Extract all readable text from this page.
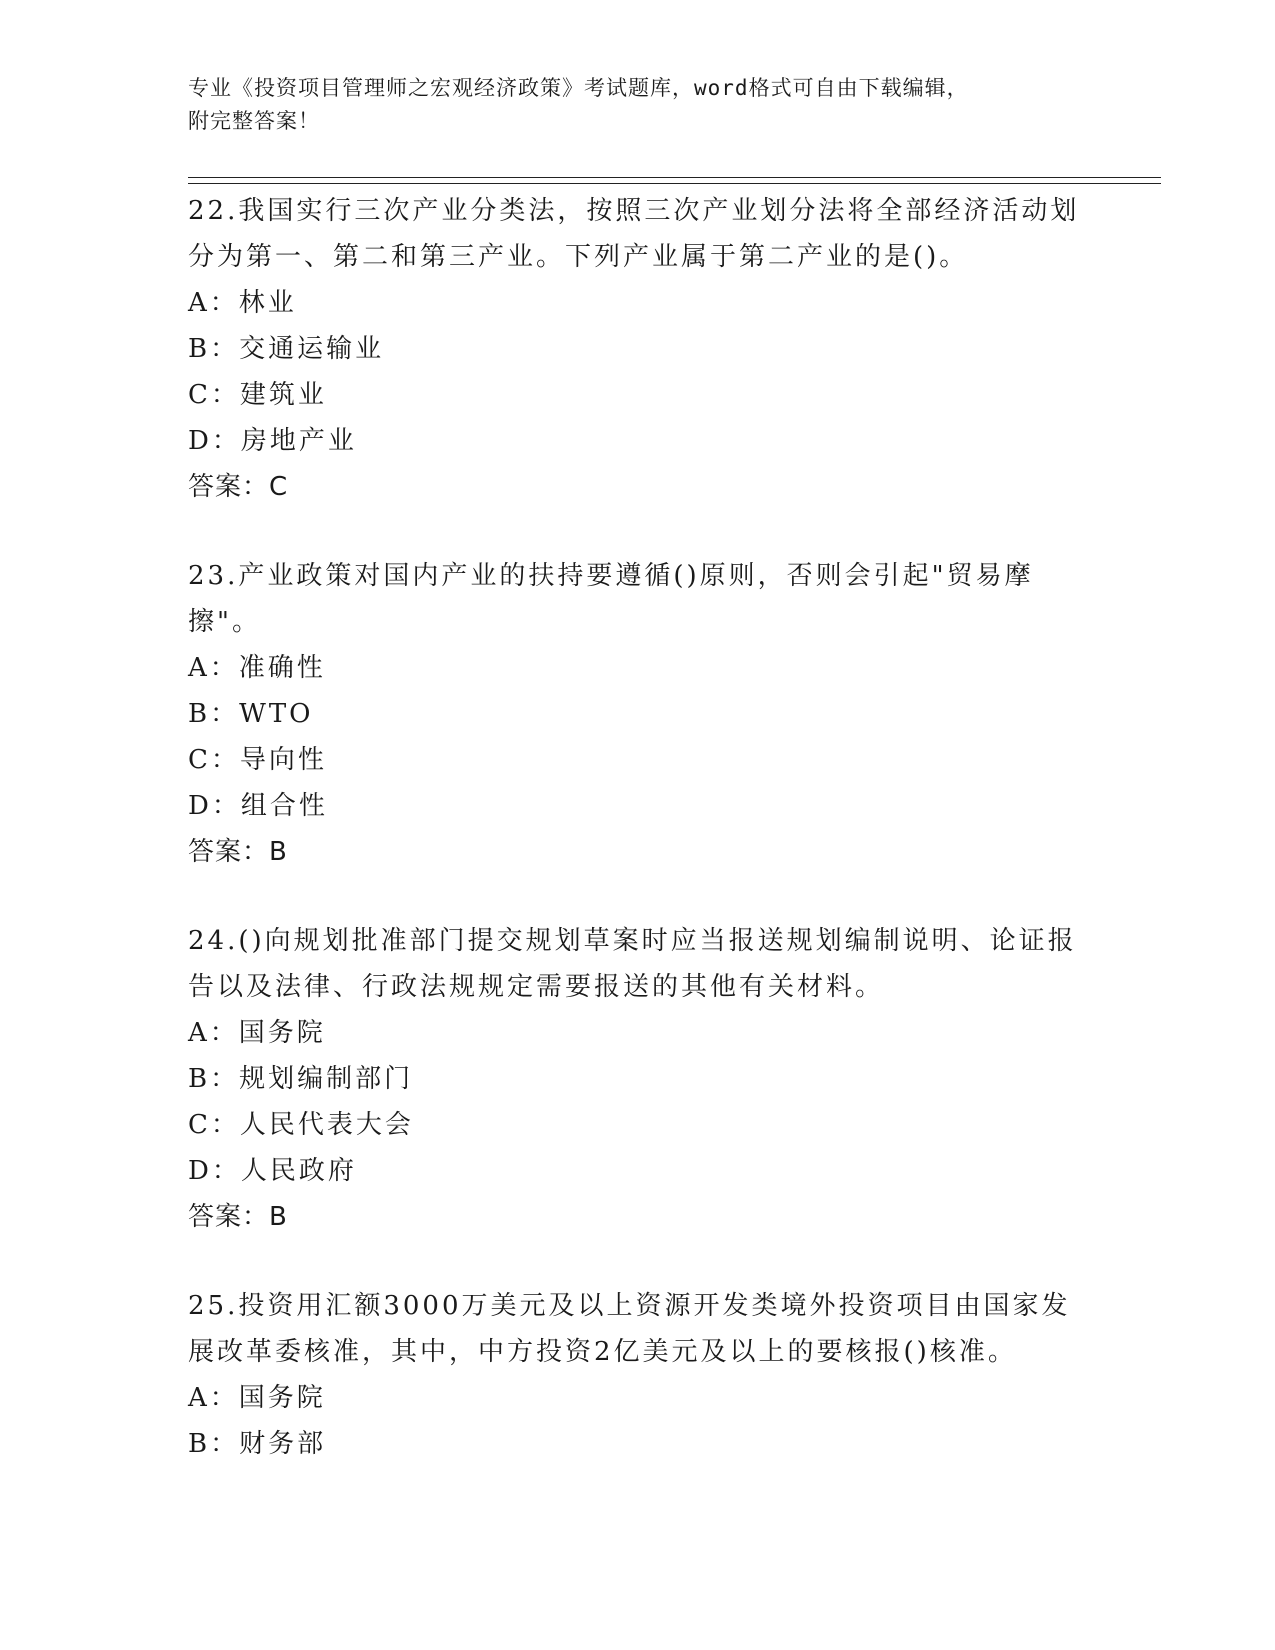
专业《投资项目管理师之宏观经济政策》考试题库，word格式可自由下载编辑，
附完整答案！

22.我国实行三次产业分类法，按照三次产业划分法将全部经济活动划分为第一、第二和第三产业。下列产业属于第二产业的是()。

A：林业

B：交通运输业

C：建筑业

D：房地产业

答案：C

23.产业政策对国内产业的扶持要遵循()原则，否则会引起"贸易摩擦"。

A：准确性

B：WTO

C：导向性

D：组合性

答案：B

24.()向规划批准部门提交规划草案时应当报送规划编制说明、论证报告以及法律、行政法规规定需要报送的其他有关材料。

A：国务院

B：规划编制部门

C：人民代表大会

D：人民政府

答案：B

25.投资用汇额3000万美元及以上资源开发类境外投资项目由国家发展改革委核准，其中，中方投资2亿美元及以上的要核报()核准。

A：国务院

B：财务部
